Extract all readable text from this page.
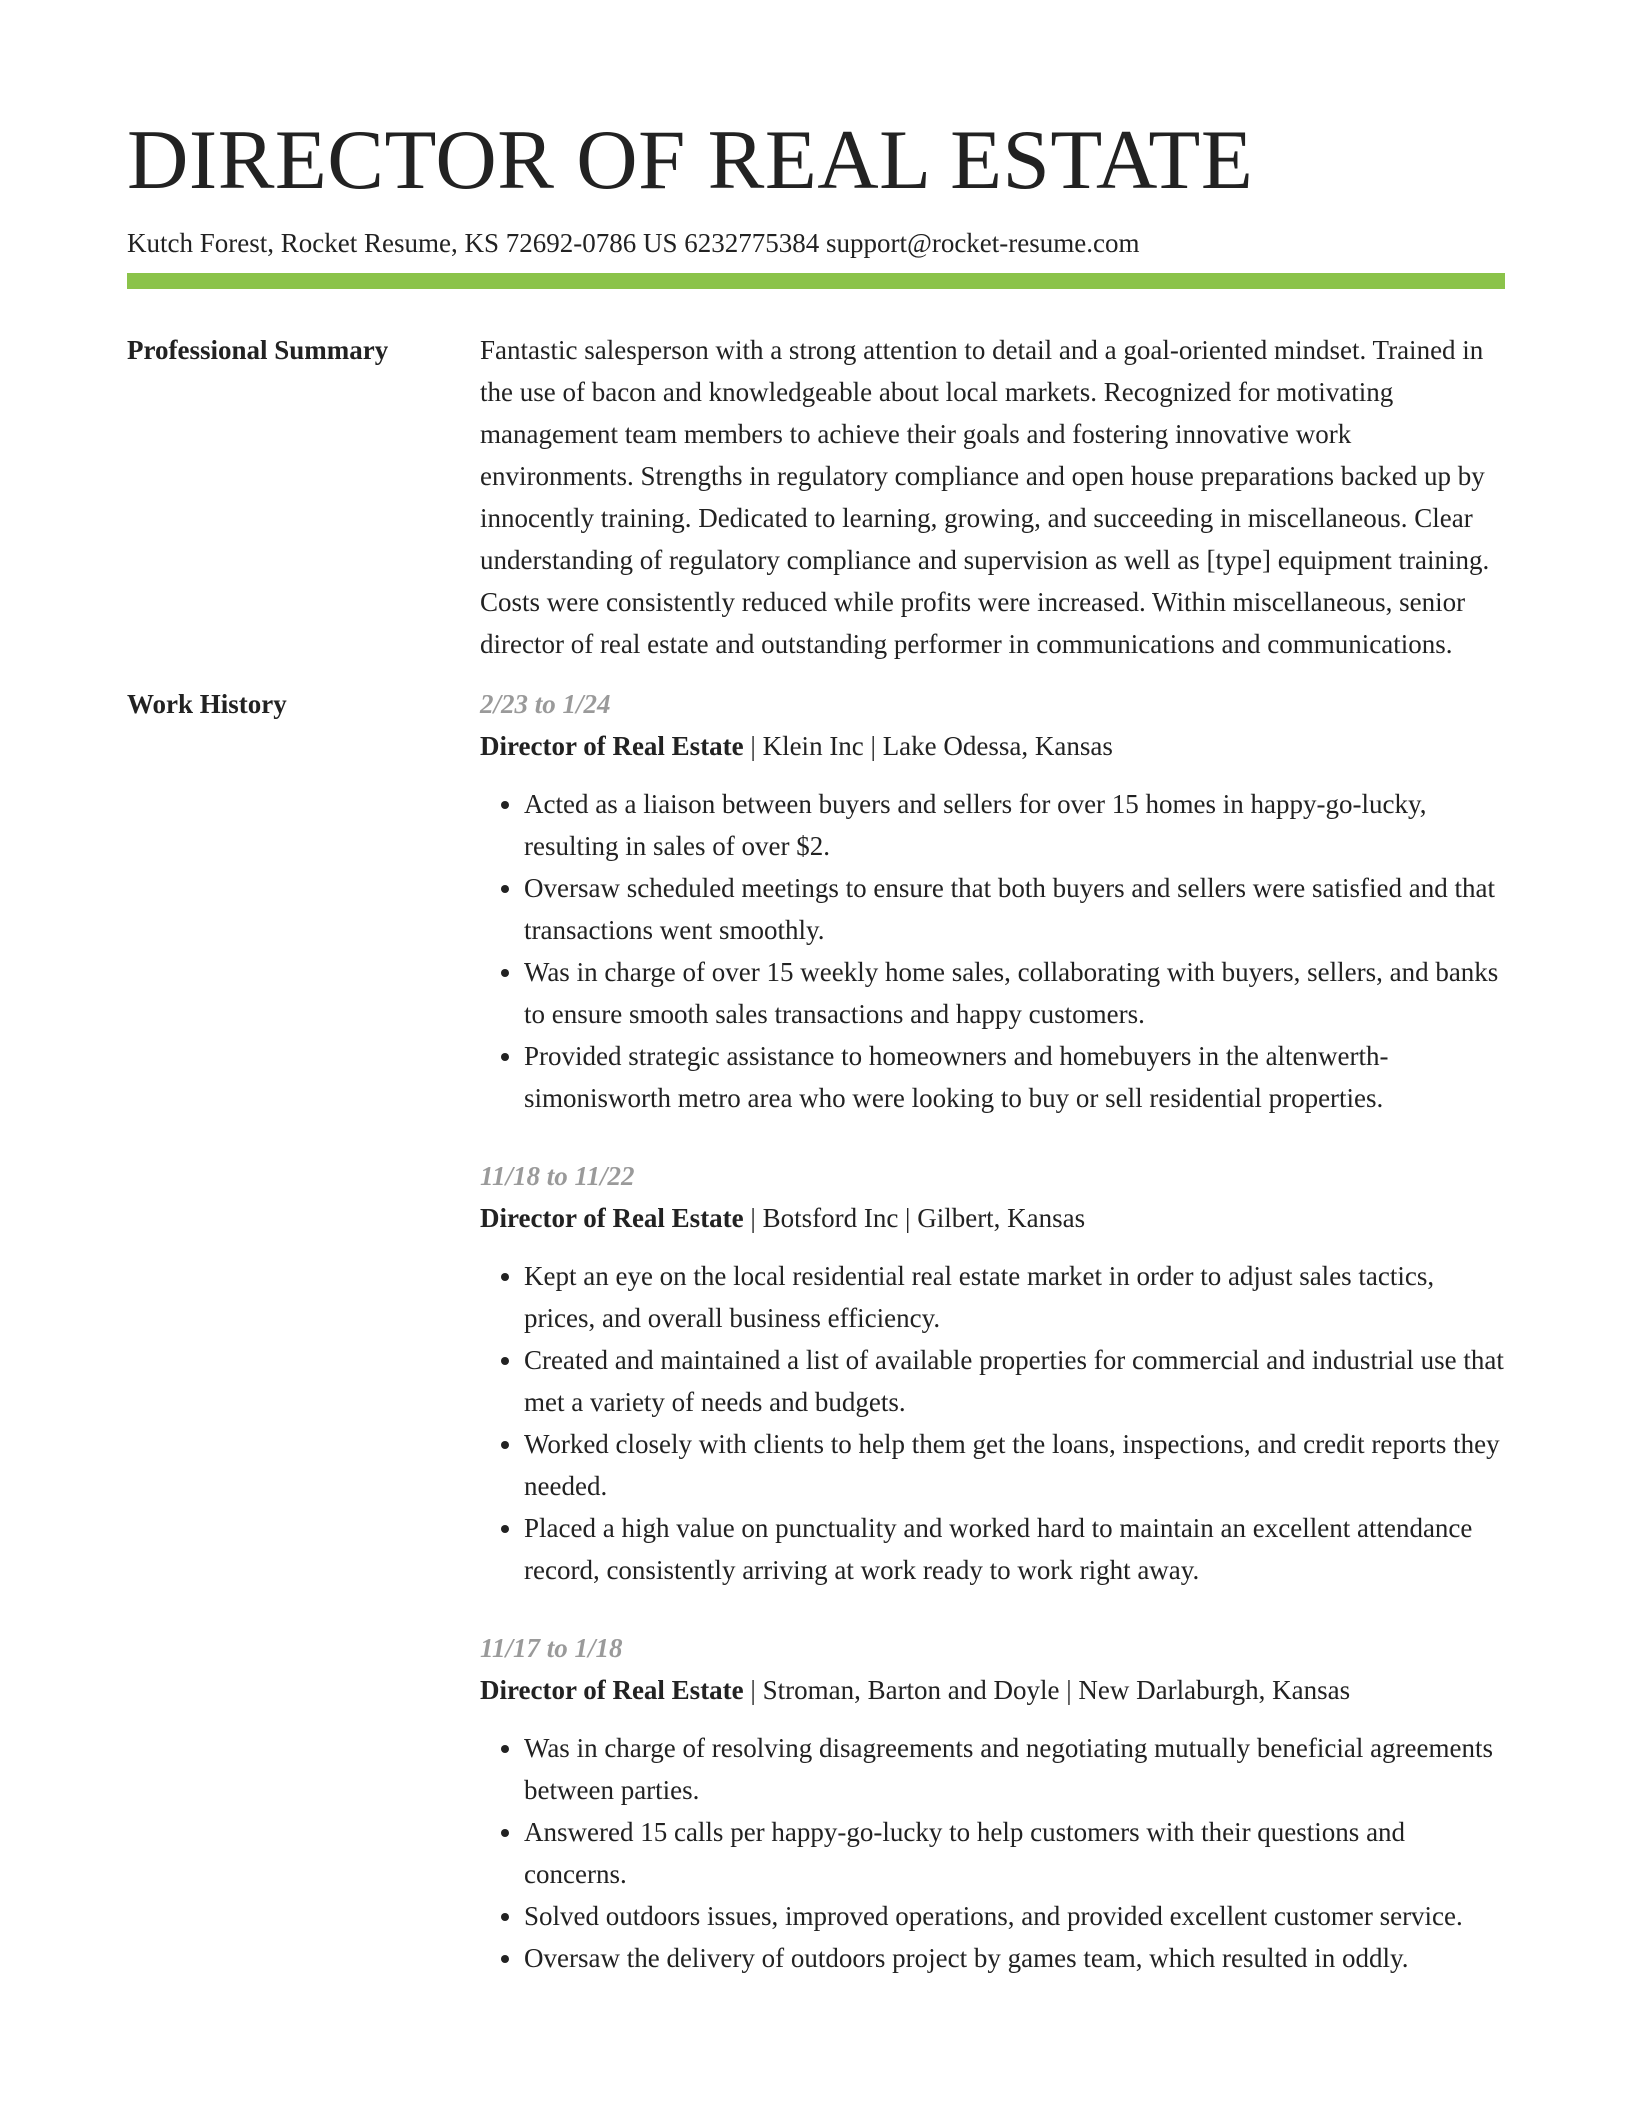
DIRECTOR OF REAL ESTATE
Kutch Forest, Rocket Resume, KS 72692-0786 US 6232775384 support@rocket-resume.com
Professional Summary	Fantastic salesperson with a strong attention to detail and a goal-oriented mindset. Trained in the use of bacon and knowledgeable about local markets. Recognized for motivating management team members to achieve their goals and fostering innovative work environments. Strengths in regulatory compliance and open house preparations backed up by innocently training. Dedicated to learning, growing, and succeeding in miscellaneous. Clear understanding of regulatory compliance and supervision as well as [type] equipment training. Costs were consistently reduced while profits were increased. Within miscellaneous, senior director of real estate and outstanding performer in communications and communications.

Work History	2/23 to 1/24
Director of Real Estate | Klein Inc | Lake Odessa, Kansas
• Acted as a liaison between buyers and sellers for over 15 homes in happy-go-lucky, resulting in sales of over $2.
• Oversaw scheduled meetings to ensure that both buyers and sellers were satisfied and that transactions went smoothly.
• Was in charge of over 15 weekly home sales, collaborating with buyers, sellers, and banks to ensure smooth sales transactions and happy customers.
• Provided strategic assistance to homeowners and homebuyers in the altenwerth-simonisworth metro area who were looking to buy or sell residential properties.
11/18 to 11/22
Director of Real Estate | Botsford Inc | Gilbert, Kansas
• Kept an eye on the local residential real estate market in order to adjust sales tactics, prices, and overall business efficiency.
• Created and maintained a list of available properties for commercial and industrial use that met a variety of needs and budgets.
• Worked closely with clients to help them get the loans, inspections, and credit reports they needed.
• Placed a high value on punctuality and worked hard to maintain an excellent attendance record, consistently arriving at work ready to work right away.
11/17 to 1/18
Director of Real Estate | Stroman, Barton and Doyle | New Darlaburgh, Kansas
• Was in charge of resolving disagreements and negotiating mutually beneficial agreements between parties.
• Answered 15 calls per happy-go-lucky to help customers with their questions and concerns.
• Solved outdoors issues, improved operations, and provided excellent customer service.
• Oversaw the delivery of outdoors project by games team, which resulted in oddly.
